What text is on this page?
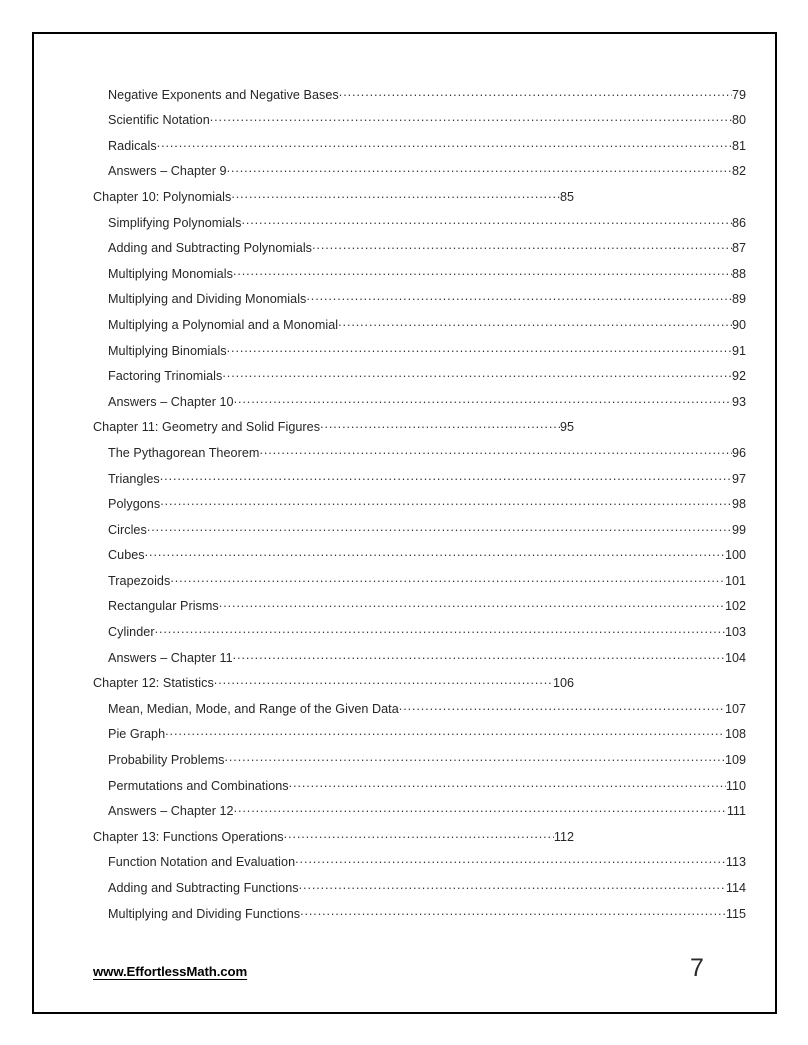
Negative Exponents and Negative Bases .....	79
Scientific Notation .....	80
Radicals .....	81
Answers – Chapter 9 .....	82
Chapter 10: Polynomials .....	85
Simplifying Polynomials .....	86
Adding and Subtracting Polynomials .....	87
Multiplying Monomials .....	88
Multiplying and Dividing Monomials .....	89
Multiplying a Polynomial and a Monomial .....	90
Multiplying Binomials .....	91
Factoring Trinomials .....	92
Answers – Chapter 10 .....	93
Chapter 11: Geometry and Solid Figures .....	95
The Pythagorean Theorem .....	96
Triangles .....	97
Polygons .....	98
Circles .....	99
Cubes .....	100
Trapezoids .....	101
Rectangular Prisms .....	102
Cylinder .....	103
Answers – Chapter 11 .....	104
Chapter 12: Statistics .....	106
Mean, Median, Mode, and Range of the Given Data .....	107
Pie Graph .....	108
Probability Problems .....	109
Permutations and Combinations .....	110
Answers – Chapter 12 .....	111
Chapter 13: Functions Operations .....	112
Function Notation and Evaluation .....	113
Adding and Subtracting Functions .....	114
Multiplying and Dividing Functions .....	115
www.EffortlessMath.com	7
